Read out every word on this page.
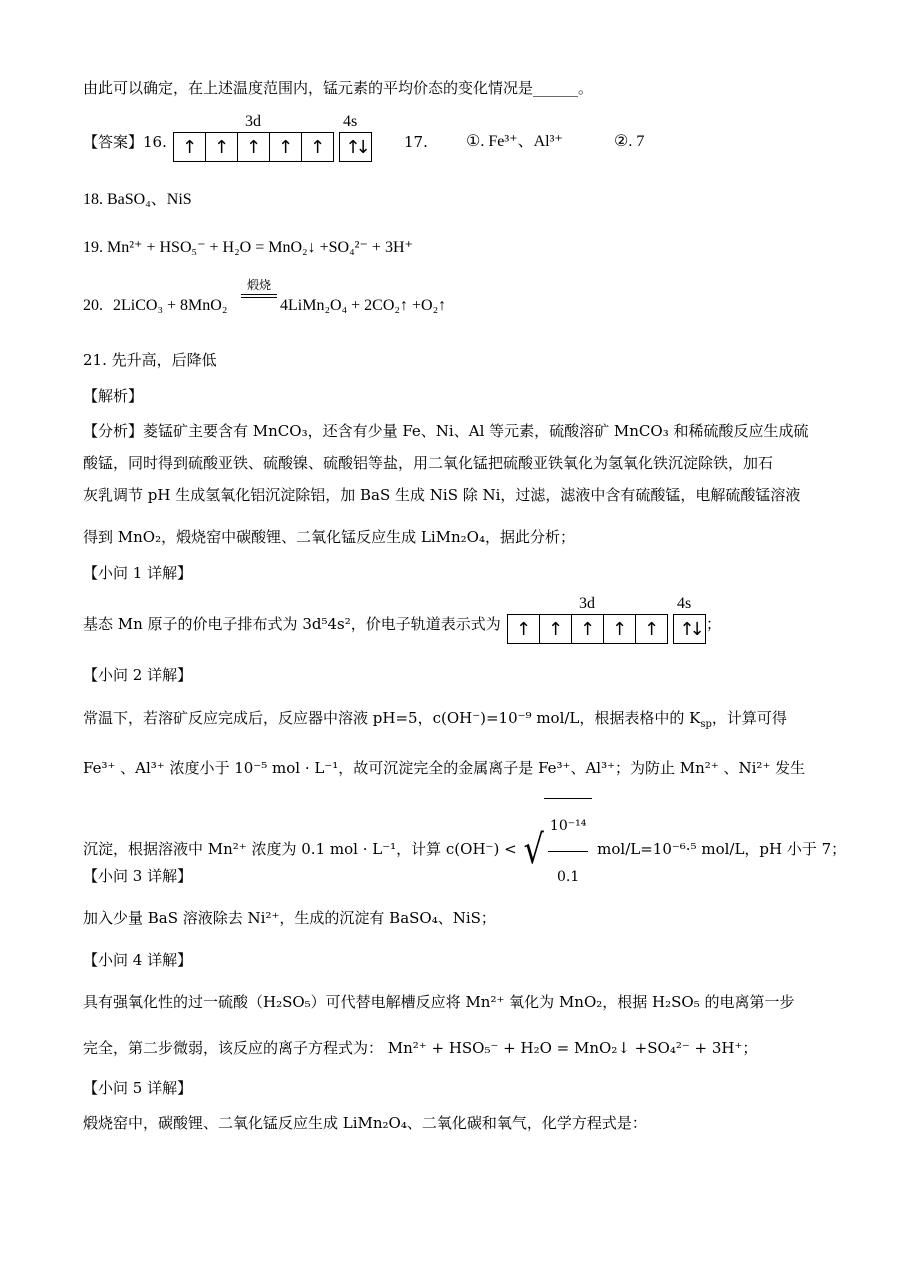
由此可以确定，在上述温度范围内，锰元素的平均价态的变化情况是______。
【答案】16.
3d	4s
↑ ↑ ↑ ↑ ↑	↑↓	17. ①. Fe³⁺、Al³⁺	②. 7
18. BaSO₄、NiS
19. Mn²⁺ + HSO₅⁻ + H₂O = MnO₂↓ +SO₄²⁻ + 3H⁺
20. 2LiCO₃ + 8MnO₂
煅烧
4LiMn₂O₄ + 2CO₂↑ +O₂↑
21. 先升高，后降低
【解析】
【分析】菱锰矿主要含有 MnCO₃，还含有少量 Fe、Ni、Al 等元素，硫酸溶矿 MnCO₃ 和稀硫酸反应生成硫
酸锰，同时得到硫酸亚铁、硫酸镍、硫酸铝等盐，用二氧化锰把硫酸亚铁氧化为氢氧化铁沉淀除铁，加石
灰乳调节 pH 生成氢氧化铝沉淀除铝，加 BaS 生成 NiS 除 Ni，过滤，滤液中含有硫酸锰，电解硫酸锰溶液
得到 MnO₂，煅烧窑中碳酸锂、二氧化锰反应生成 LiMn₂O₄，据此分析；
【小问 1 详解】
基态 Mn 原子的价电子排布式为 3d⁵4s²，价电子轨道表示式为
3d	4s
↑ ↑ ↑ ↑ ↑	↑↓ ；
【小问 2 详解】
常温下，若溶矿反应完成后，反应器中溶液 pH=5，c(OH⁻)=10⁻⁹ mol/L，根据表格中的 $K_{sp}$，计算可得
Fe³⁺ 、Al³⁺ 浓度小于 10⁻⁵ mol · L⁻¹，故可沉淀完全的金属离子是 Fe³⁺、Al³⁺；为防止 Mn²⁺ 、Ni²⁺ 发生
沉淀，根据溶液中 Mn²⁺ 浓度为 0.1 mol · L⁻¹，计算 c(OH⁻) < √ $\frac{\text{10⁻¹⁴}}{0.1} mol/L=10^{-6}\cdot^5$ mol/L，pH 小于 7；
【小问 3 详解】
加入少量 BaS 溶液除去 Ni²⁺，生成的沉淀有 BaSO₄、NiS；
【小问 4 详解】
具有强氧化性的过一硫酸（H₂SO₅）可代替电解槽反应将 Mn²⁺ 氧化为 MnO₂，根据 H₂SO₅ 的电离第一步
完全，第二步微弱，该反应的离子方程式为： Mn²⁺ + HSO₅⁻ + H₂O = MnO₂↓ +SO₄²⁻ + 3H⁺；
【小问 5 详解】
煅烧窑中，碳酸锂、二氧化锰反应生成 LiMn₂O₄、二氧化碳和氧气，化学方程式是：
